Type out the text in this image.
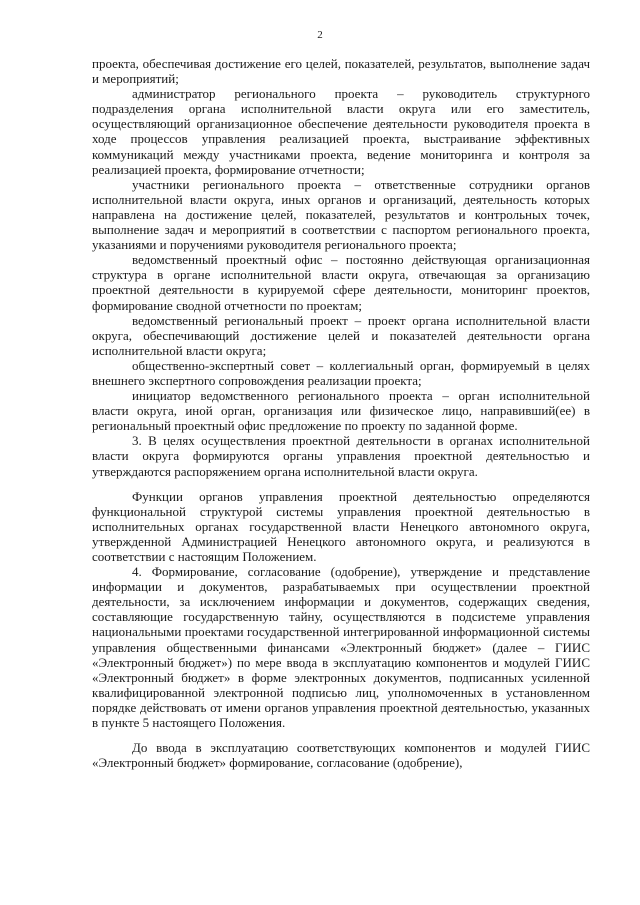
2

проекта, обеспечивая достижение его целей, показателей, результатов, выполнение задач и мероприятий;

администратор регионального проекта – руководитель структурного подразделения органа исполнительной власти округа или его заместитель, осуществляющий организационное обеспечение деятельности руководителя проекта в ходе процессов управления реализацией проекта, выстраивание эффективных коммуникаций между участниками проекта, ведение мониторинга и контроля за реализацией проекта, формирование отчетности;

участники регионального проекта – ответственные сотрудники органов исполнительной власти округа, иных органов и организаций, деятельность которых направлена на достижение целей, показателей, результатов и контрольных точек, выполнение задач и мероприятий в соответствии с паспортом регионального проекта, указаниями и поручениями руководителя регионального проекта;

ведомственный проектный офис – постоянно действующая организационная структура в органе исполнительной власти округа, отвечающая за организацию проектной деятельности в курируемой сфере деятельности, мониторинг проектов, формирование сводной отчетности по проектам;

ведомственный региональный проект – проект органа исполнительной власти округа, обеспечивающий достижение целей и показателей деятельности органа исполнительной власти округа;

общественно-экспертный совет – коллегиальный орган, формируемый в целях внешнего экспертного сопровождения реализации проекта;

инициатор ведомственного регионального проекта – орган исполнительной власти округа, иной орган, организация или физическое лицо, направивший(ее) в региональный проектный офис предложение по проекту по заданной форме.

3. В целях осуществления проектной деятельности в органах исполнительной власти округа формируются органы управления проектной деятельностью и утверждаются распоряжением органа исполнительной власти округа.

Функции органов управления проектной деятельностью определяются функциональной структурой системы управления проектной деятельностью в исполнительных органах государственной власти Ненецкого автономного округа, утвержденной Администрацией Ненецкого автономного округа, и реализуются в соответствии с настоящим Положением.

4. Формирование, согласование (одобрение), утверждение и представление информации и документов, разрабатываемых при осуществлении проектной деятельности, за исключением информации и документов, содержащих сведения, составляющие государственную тайну, осуществляются в подсистеме управления национальными проектами государственной интегрированной информационной системы управления общественными финансами «Электронный бюджет» (далее – ГИИС «Электронный бюджет») по мере ввода в эксплуатацию компонентов и модулей ГИИС «Электронный бюджет» в форме электронных документов, подписанных усиленной квалифицированной электронной подписью лиц, уполномоченных в установленном порядке действовать от имени органов управления проектной деятельностью, указанных в пункте 5 настоящего Положения.

До ввода в эксплуатацию соответствующих компонентов и модулей ГИИС «Электронный бюджет» формирование, согласование (одобрение),
